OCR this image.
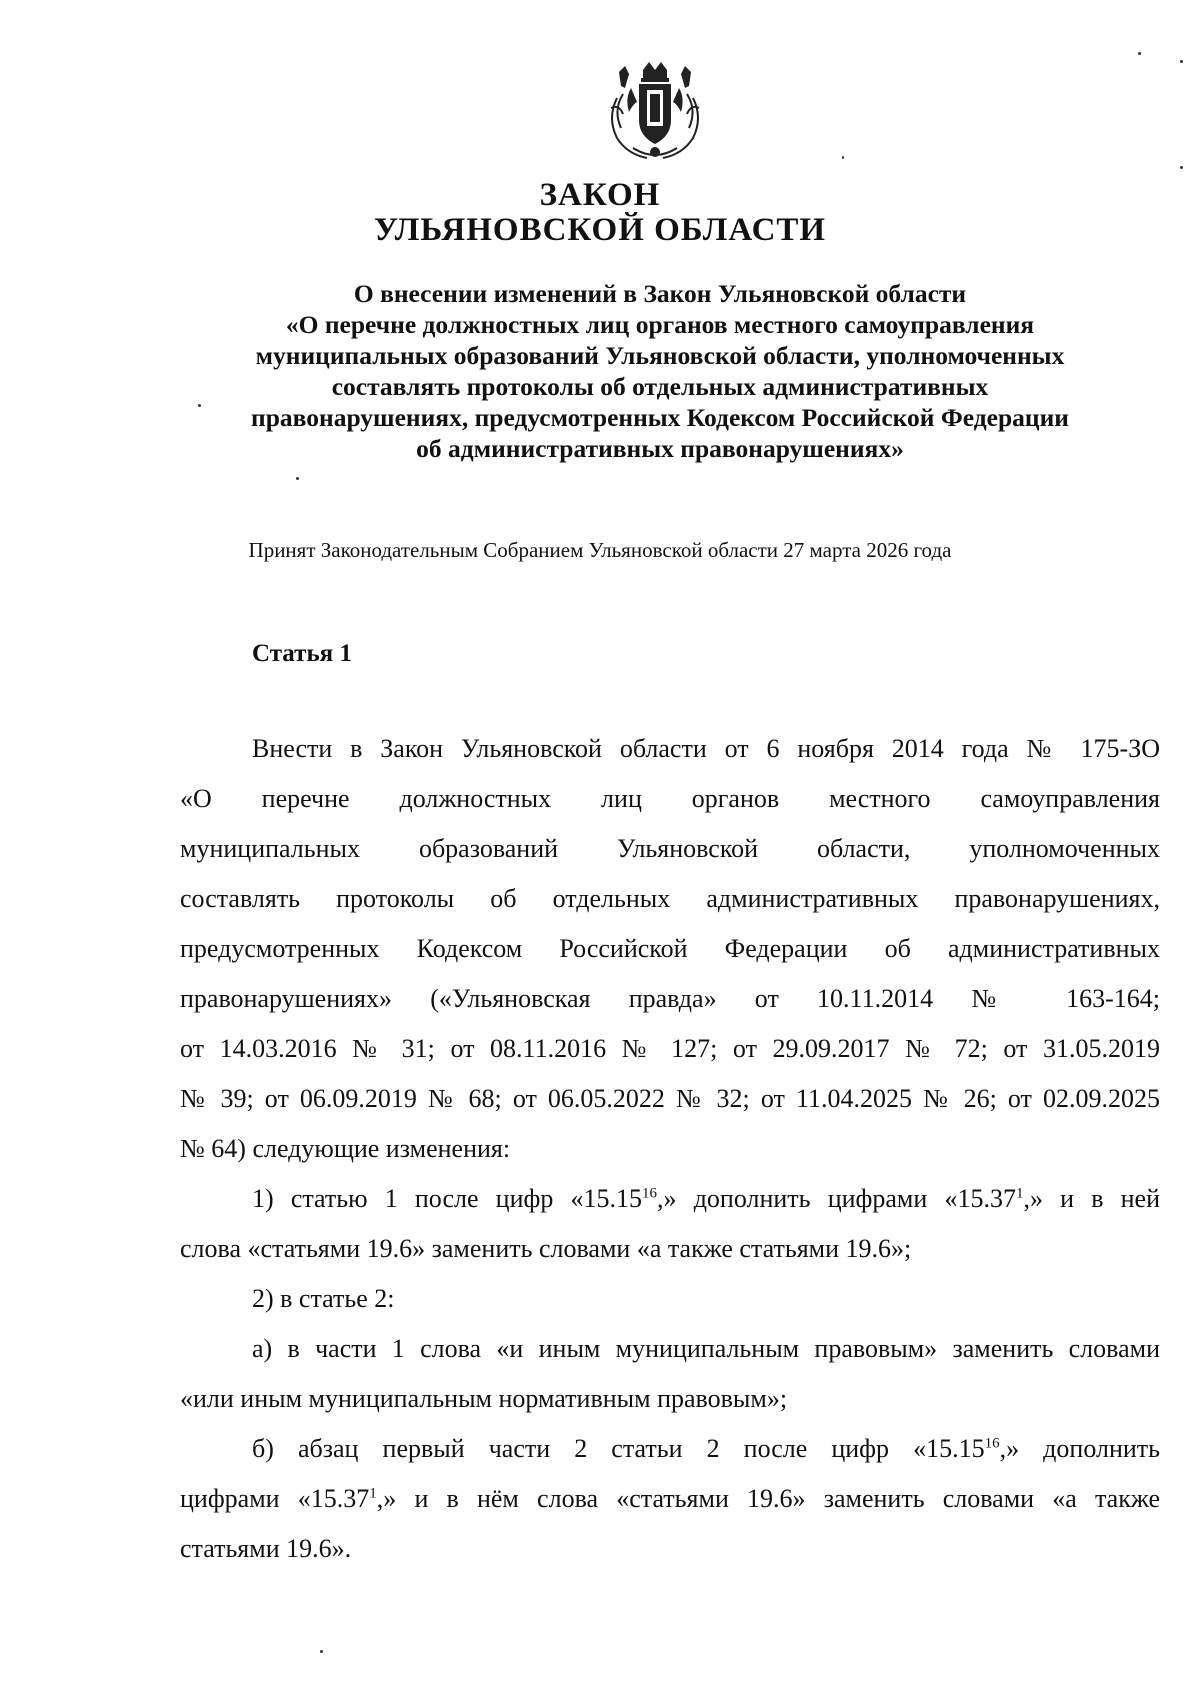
ЗАКОН
УЛЬЯНОВСКОЙ ОБЛАСТИ
О внесении изменений в Закон Ульяновской области
«О перечне должностных лиц органов местного самоуправления
муниципальных образований Ульяновской области, уполномоченных
составлять протоколы об отдельных административных
правонарушениях, предусмотренных Кодексом Российской Федерации
об административных правонарушениях»
Принят Законодательным Собранием Ульяновской области 27 марта 2026 года
Статья 1
Внести в Закон Ульяновской области от 6 ноября 2014 года № 175-ЗО
«О перечне должностных лиц органов местного самоуправления
муниципальных образований Ульяновской области, уполномоченных
составлять протоколы об отдельных административных правонарушениях,
предусмотренных Кодексом Российской Федерации об административных
правонарушениях» («Ульяновская правда» от 10.11.2014 № 163-164;
от 14.03.2016 № 31; от 08.11.2016 № 127; от 29.09.2017 № 72; от 31.05.2019
№ 39; от 06.09.2019 № 68; от 06.05.2022 № 32; от 11.04.2025 № 26; от 02.09.2025
№ 64) следующие изменения:
1) статью 1 после цифр «15.15$^{16}$,» дополнить цифрами «15.37$^1$,» и в ней
слова «статьями 19.6» заменить словами «а также статьями 19.6»;
2) в статье 2:
а) в части 1 слова «и иным муниципальным правовым» заменить словами
«или иным муниципальным нормативным правовым»;
б) абзац первый части 2 статьи 2 после цифр «15.15$^{16}$,» дополнить
цифрами «15.37$^1$,» и в нём слова «статьями 19.6» заменить словами «а также
статьями 19.6».
